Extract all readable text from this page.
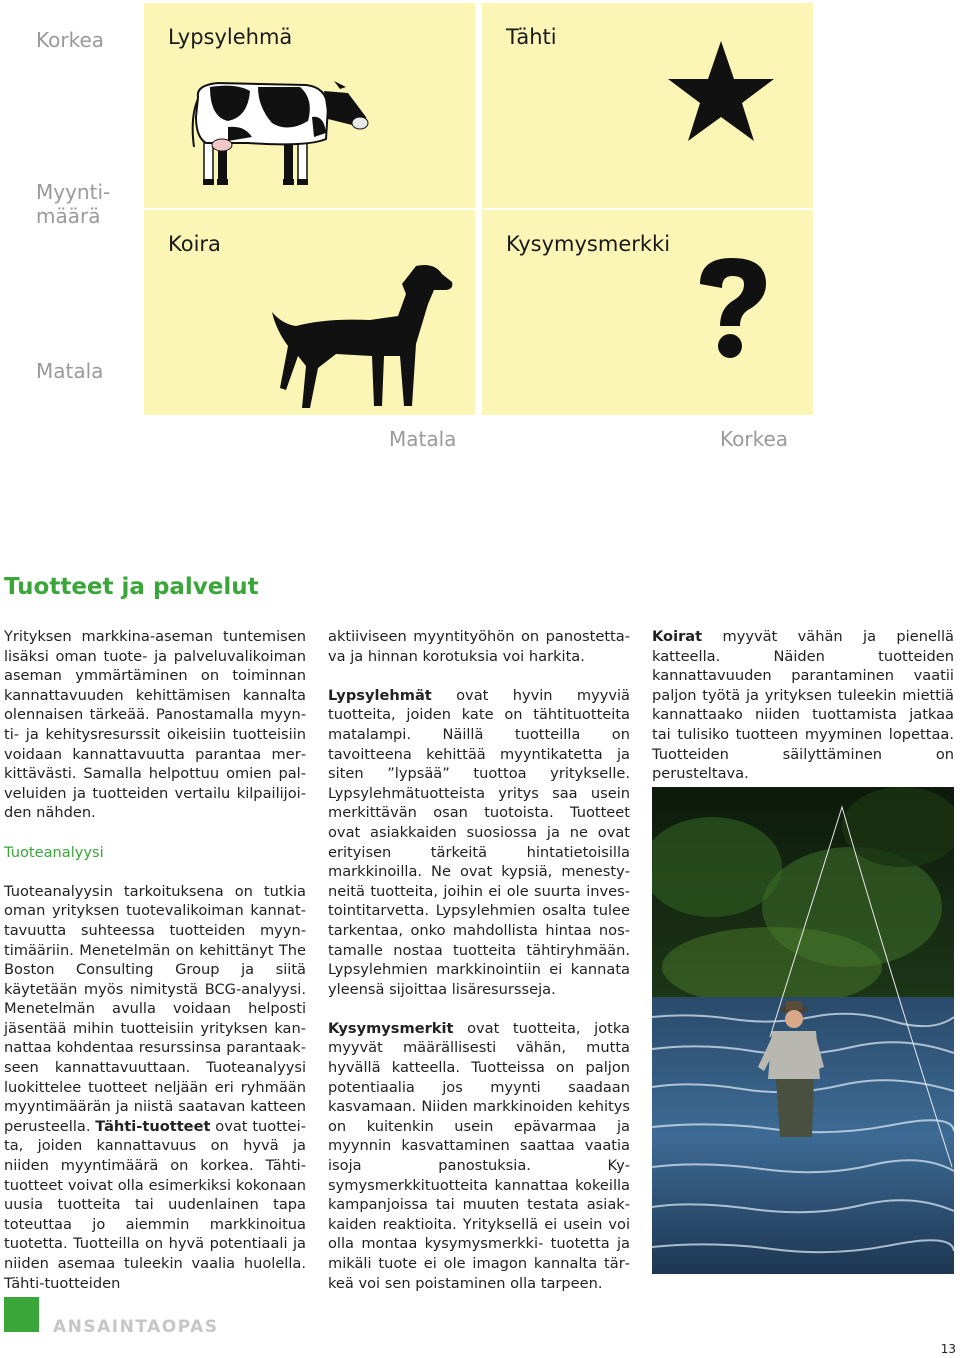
Korkea
Myynti-
määrä
Matala
Lypsylehmä	Tähti
Koira	Kysymysmerkki
Matala	Korkea
Tuotteet ja palvelut

Yrityksen markkina-aseman tuntemisen lisäksi oman tuote- ja palveluvalikoiman aseman ymmärtäminen on toiminnan kannattavuuden kehittämisen kannalta olennaisen tärkeää. Panostamalla myynti- ja kehitysresurssit oikeisiin tuotteisiin voidaan kannattavuutta parantaa merkittävästi. Samalla helpottuu omien palveluiden ja tuotteiden vertailu kilpailijoiden nähden.

Tuoteanalyysi

Tuoteanalyysin tarkoituksena on tutkia oman yrityksen tuotevalikoiman kannattavuutta suhteessa tuotteiden myyntimääriin. Menetelmän on kehittänyt The Boston Consulting Group ja siitä käytetään myös nimitystä BCG-analyysi. Menetelmän avulla voidaan helposti jäsentää mihin tuotteisiin yrityksen kannattaa kohdentaa resurssinsa parantaakseen kannattavuuttaan. Tuoteanalyysi luokittelee tuotteet neljään eri ryhmään myyntimäärän ja niistä saatavan katteen perusteella. Tähti-tuotteet ovat tuotteita, joiden kannattavuus on hyvä ja niiden myyntimäärä on korkea. Tähti-tuotteet voivat olla esimerkiksi kokonaan uusia tuotteita tai uudenlainen tapa toteuttaa jo aiemmin markkinoitua tuotetta. Tuotteilla on hyvä potentiaali ja niiden asemaa tuleekin vaalia huolella. Tähti-tuotteiden

aktiiviseen myyntityöhön on panostettava ja hinnan korotuksia voi harkita.

Lypsylehmät ovat hyvin myyviä tuotteita, joiden kate on tähtituotteita matalampi. Näillä tuotteilla on tavoitteena kehittää myyntikatetta ja siten ”lypsää” tuottoa yritykselle. Lypsylehmätuotteista yritys saa usein merkittävän osan tuotoista. Tuotteet ovat asiakkaiden suosiossa ja ne ovat erityisen tärkeitä hintatietoisilla markkinoilla. Ne ovat kypsiä, menestyneitä tuotteita, joihin ei ole suurta investointitarvetta. Lypsylehmien osalta tulee tarkentaa, onko mahdollista hintaa nostamalle nostaa tuotteita tähtiryhmään. Lypsylehmien markkinointiin ei kannata yleensä sijoittaa lisäresursseja.

Kysymysmerkit ovat tuotteita, jotka myyvät määrällisesti vähän, mutta hyvällä katteella. Tuotteissa on paljon potentiaalia jos myynti saadaan kasvamaan. Niiden markkinoiden kehitys on kuitenkin usein epävarmaa ja myynnin kasvattaminen saattaa vaatia isoja panostuksia. Kysymysmerkkituotteita kannattaa kokeilla kampanjoissa tai muuten testata asiakkaiden reaktioita. Yrityksellä ei usein voi olla montaa kysymysmerkki- tuotetta ja mikäli tuote ei ole imagon kannalta tärkeä voi sen poistaminen olla tarpeen.

Koirat myyvät vähän ja pienellä katteella. Näiden tuotteiden kannattavuuden parantaminen vaatii paljon työtä ja yrityksen tuleekin miettiä kannattaako niiden tuottamista jatkaa tai tulisiko tuotteen myyminen lopettaa. Tuotteiden säilyttäminen on perusteltava.

ANSAINTAOPAS
13
